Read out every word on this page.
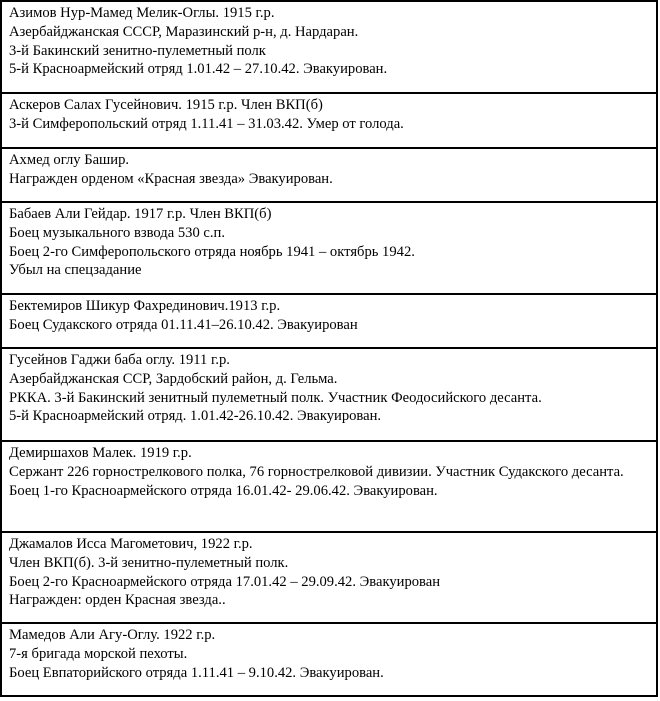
Азимов Нур-Мамед Мелик-Оглы. 1915 г.р.
Азербайджанская СССР, Маразинский р-н, д. Нардаран.
3-й Бакинский зенитно-пулеметный полк
5-й Красноармейский отряд 1.01.42 – 27.10.42. Эвакуирован.
Аскеров Салах Гусейнович. 1915 г.р. Член ВКП(б)
3-й Симферопольский отряд 1.11.41 – 31.03.42. Умер от голода.
Ахмед оглу Башир.
Награжден орденом «Красная звезда» Эвакуирован.
Бабаев Али Гейдар. 1917 г.р. Член ВКП(б)
Боец музыкального взвода 530 с.п.
Боец 2-го Симферопольского отряда ноябрь 1941 – октябрь 1942.
Убыл на спецзадание
Бектемиров Шикур Фахрединович.1913 г.р.
Боец Судакского отряда 01.11.41–26.10.42. Эвакуирован
Гусейнов Гаджи баба оглу. 1911 г.р.
Азербайджанская ССР, Зардобский район, д. Гельма.
РККА. 3-й Бакинский зенитный пулеметный полк. Участник Феодосийского десанта.
5-й Красноармейский отряд. 1.01.42-26.10.42. Эвакуирован.
Демиршахов Малек. 1919 г.р.
Сержант 226 горнострелкового полка, 76 горнострелковой дивизии. Участник Судакского десанта.
Боец 1-го Красноармейского отряда 16.01.42- 29.06.42. Эвакуирован.
Джамалов Исса Магометович, 1922 г.р.
Член ВКП(б). 3-й зенитно-пулеметный полк.
Боец 2-го Красноармейского отряда 17.01.42 – 29.09.42. Эвакуирован
Награжден: орден Красная звезда..
Мамедов Али Агу-Оглу. 1922 г.р.
7-я бригада морской пехоты.
Боец Евпаторийского отряда 1.11.41 – 9.10.42. Эвакуирован.
